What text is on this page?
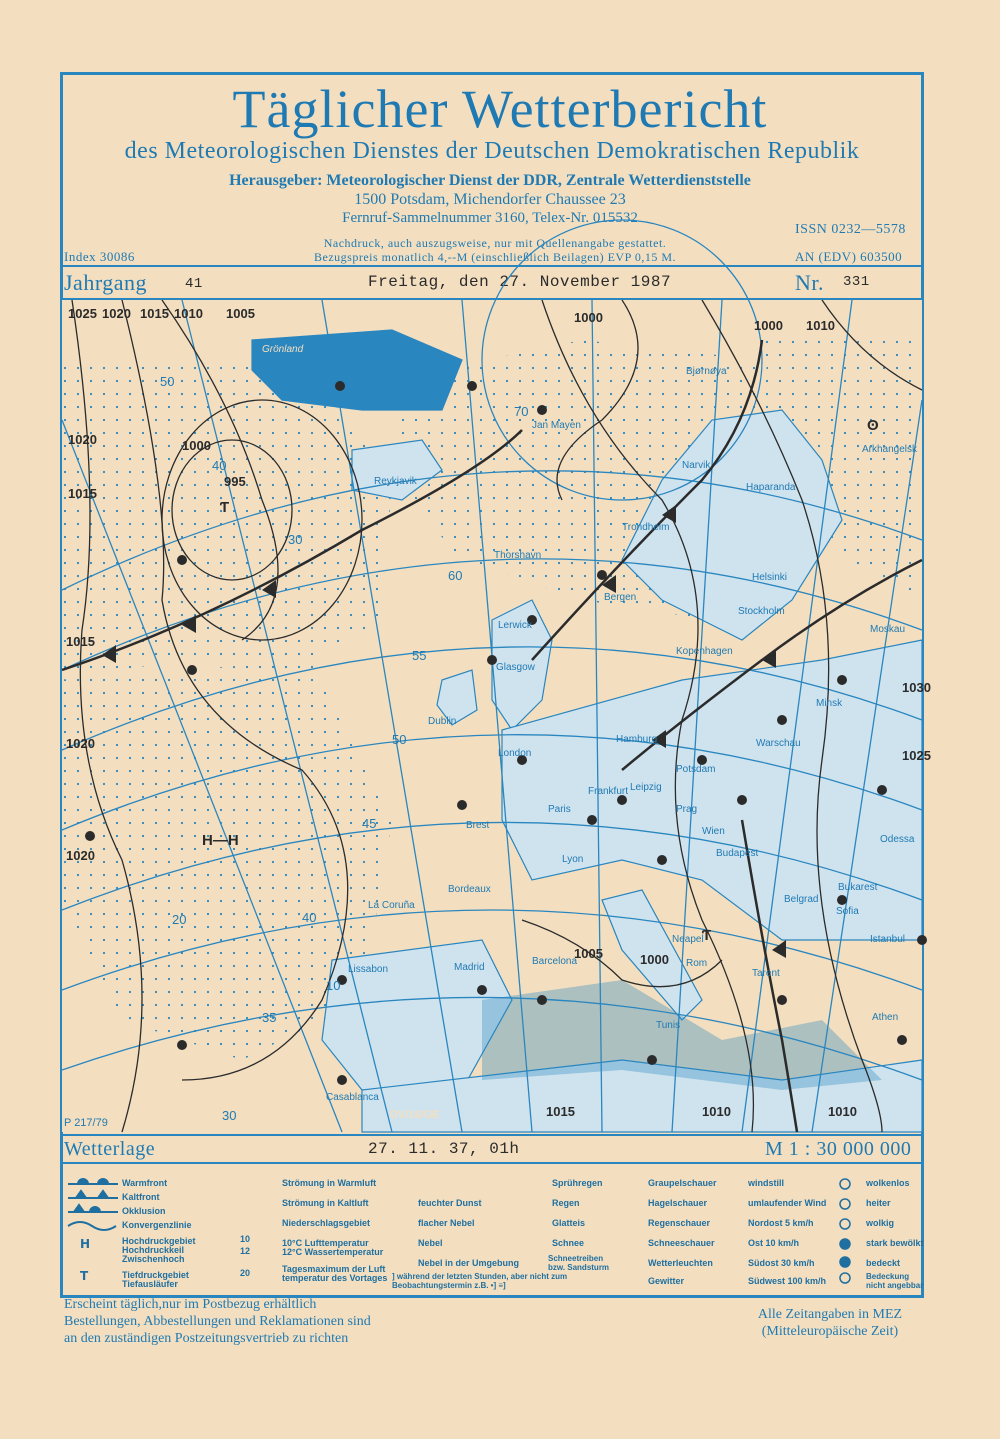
Täglicher Wetterbericht
des Meteorologischen Dienstes der Deutschen Demokratischen Republik
Herausgeber: Meteorologischer Dienst der DDR, Zentrale Wetterdienststelle
1500 Potsdam, Michendorfer Chaussee 23
Fernruf-Sammelnummer 3160, Telex-Nr. 015532
ISSN 0232—5578
AN (EDV) 603500
Index 30086
Nachdruck, auch auszugsweise, nur mit Quellenangabe gestattet.
Bezugspreis monatlich 4,--M (einschließlich Beilagen) EVP 0,15 M.
Jahrgang	41	Freitag, den 27. November 1987	Nr. 331
Ƭ
H—H
Ƭ
ʘ
1025 1020 1015 1010 1005
1000
995
1020
1015
1015
1020
1020
1030
1025
1005	1000
1015	1010	1010
1000
1000 1010
50
40
30
60
55
50
45
40
35
30
20
10
70
Grönland
Jan Mayen
Reykjavik
Thorshavn
Lerwick
Bergen
Trondheim
Narvik
Bjørnøya
Haparanda
Helsinki
Stockholm
Kopenhagen
Glasgow
Dublin
London
Hamburg
Potsdam
Warschau
Minsk
Moskau
Brest
Paris
Frankfurt Leipzig
Prag
Budapest
Lyon
Bordeaux
La Coruña
Lissabon	Madrid
Barcelona	Rom
Bukarest
Belgrad
Sofia
Istanbul
Odessa
Tunis
Athen
Tarent
Casablanca
Arkhangelsk
Neapel
Wien
DV/16/GE
P 217/79
Wetterlage	27. 11. 37, 01h	M 1 : 30 000 000
Warmfront
Kaltfront
Okklusion
Konvergenzlinie
Hochdruckgebiet
Hochdruckkeil
Zwischenhoch
Tiefdruckgebiet
Tiefausläufer
H
T
Strömung in Warmluft
Strömung in Kaltluft
Niederschlagsgebiet
10°C Lufttemperatur
12°C Wassertemperatur
Tagesmaximum der Luft
temperatur des Vortages
10
12
20
feuchter Dunst
flacher Nebel
Nebel
Nebel in der Umgebung
] während der letzten Stunden, aber nicht zum
Beobachtungstermin z.B. •] ≡]
Sprühregen
Regen
Glatteis
Schnee
Schneetreiben
bzw. Sandsturm
Graupelschauer
Hagelschauer
Regenschauer
Schneeschauer
Wetterleuchten
Gewitter
windstill
umlaufender Wind
Nordost 5 km/h
Ost 10 km/h
Südost 30 km/h
Südwest 100 km/h
wolkenlos
heiter
wolkig
stark bewölkt
bedeckt
Bedeckung
nicht angebbar
Erscheint täglich,nur im Postbezug erhältlich
Bestellungen, Abbestellungen und Reklamationen sind
an den zuständigen Postzeitungsvertrieb zu richten
Alle Zeitangaben in MEZ
(Mitteleuropäische Zeit)
